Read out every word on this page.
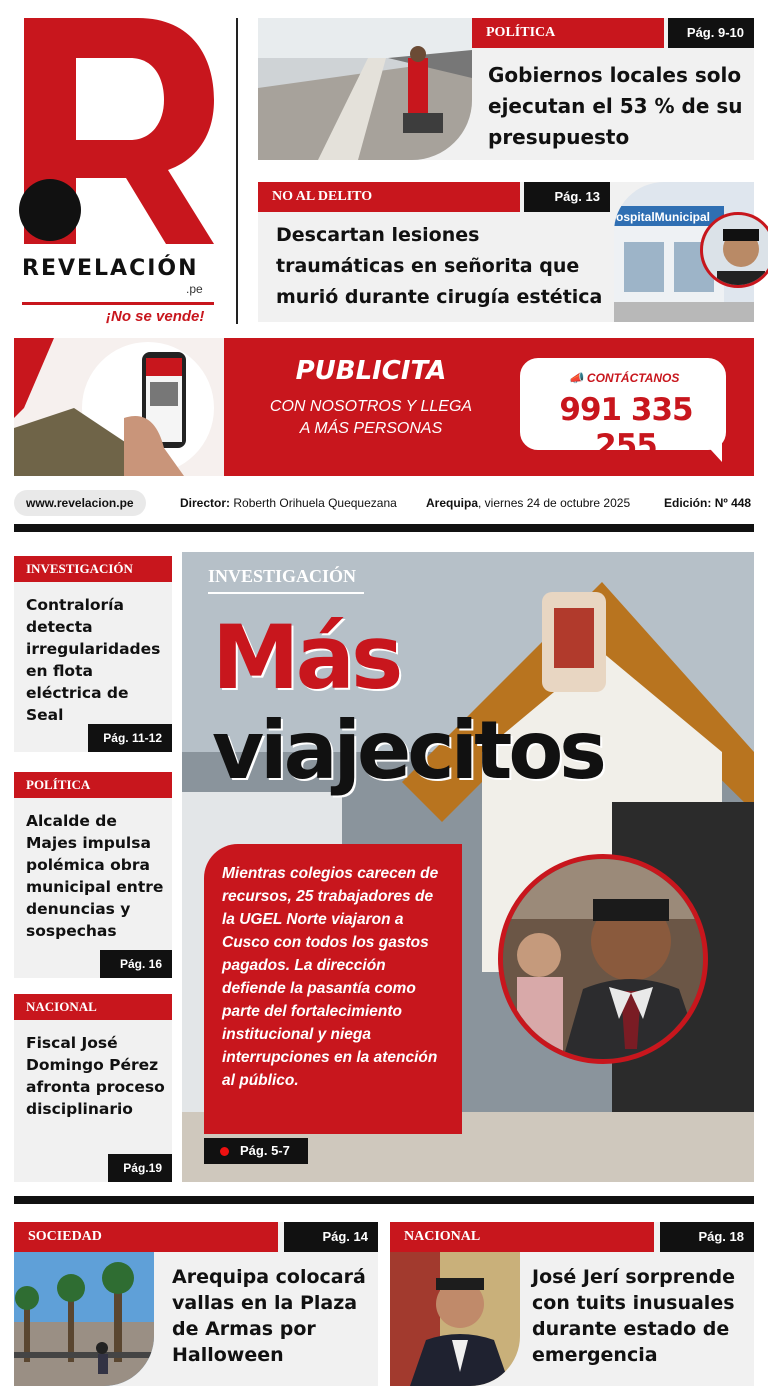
REVELACIÓN
.pe
¡No se vende!
POLÍTICA	Pág. 9-10
Gobiernos locales solo ejecutan el 53 % de su presupuesto
NO AL DELITO	Pág. 13
Descartan lesiones traumáticas en señorita que murió durante cirugía estética
ospitalMunicipal
PUBLICITA
CON NOSOTROS Y LLEGA
A MÁS PERSONAS
📣 CONTÁCTANOS
991 335 255
www.revelacion.pe	Director: Roberth Orihuela Quequezana Arequipa, viernes 24 de octubre 2025	Edición: Nº 448
INVESTIGACIÓN
Contraloría detecta irregularidades en flota eléctrica de Seal
Pág. 11-12
POLÍTICA
Alcalde de Majes impulsa polémica obra municipal entre denuncias y sospechas
Pág. 16
NACIONAL
Fiscal José Domingo Pérez afronta proceso disciplinario
Pág.19
INVESTIGACIÓN
Más
viajecitos
Mientras colegios carecen de recursos, 25 trabajadores de la UGEL Norte viajaron a Cusco con todos los gastos pagados. La dirección defiende la pasantía como parte del fortalecimiento institucional y niega interrupciones en la atención al público.
Pág. 5-7
SOCIEDAD	Pág. 14
Arequipa colocará vallas en la Plaza de Armas por Halloween
NACIONAL	Pág. 18
José Jerí sorprende con tuits inusuales durante estado de emergencia
